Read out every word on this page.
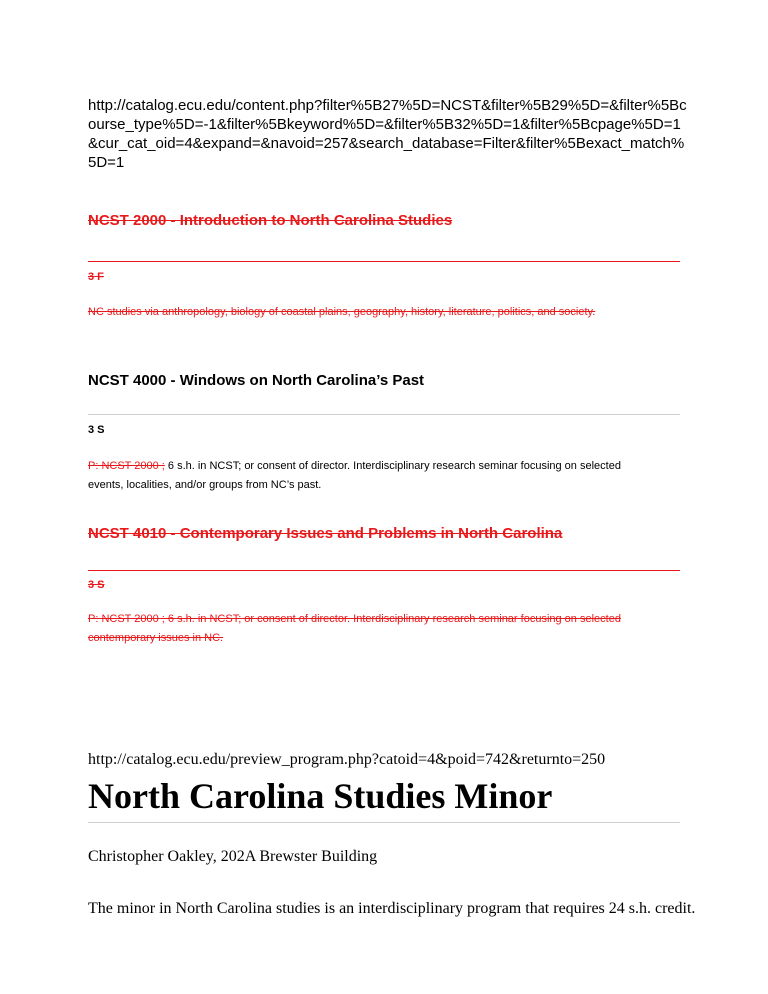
http://catalog.ecu.edu/content.php?filter%5B27%5D=NCST&filter%5B29%5D=&filter%5Bcourse_type%5D=-1&filter%5Bkeyword%5D=&filter%5B32%5D=1&filter%5Bcpage%5D=1&cur_cat_oid=4&expand=&navoid=257&search_database=Filter&filter%5Bexact_match%5D=1
NCST 2000 - Introduction to North Carolina Studies
3 F
NC studies via anthropology, biology of coastal plains, geography, history, literature, politics, and society.
NCST 4000 - Windows on North Carolina’s Past
3 S
P: NCST 2000 ; 6 s.h. in NCST; or consent of director. Interdisciplinary research seminar focusing on selected
events, localities, and/or groups from NC’s past.
NCST 4010 - Contemporary Issues and Problems in North Carolina
3 S
P: NCST 2000 ; 6 s.h. in NCST; or consent of director. Interdisciplinary research seminar focusing on selected
contemporary issues in NC.
http://catalog.ecu.edu/preview_program.php?catoid=4&poid=742&returnto=250
North Carolina Studies Minor
Christopher Oakley, 202A Brewster Building
The minor in North Carolina studies is an interdisciplinary program that requires 24 s.h. credit.
